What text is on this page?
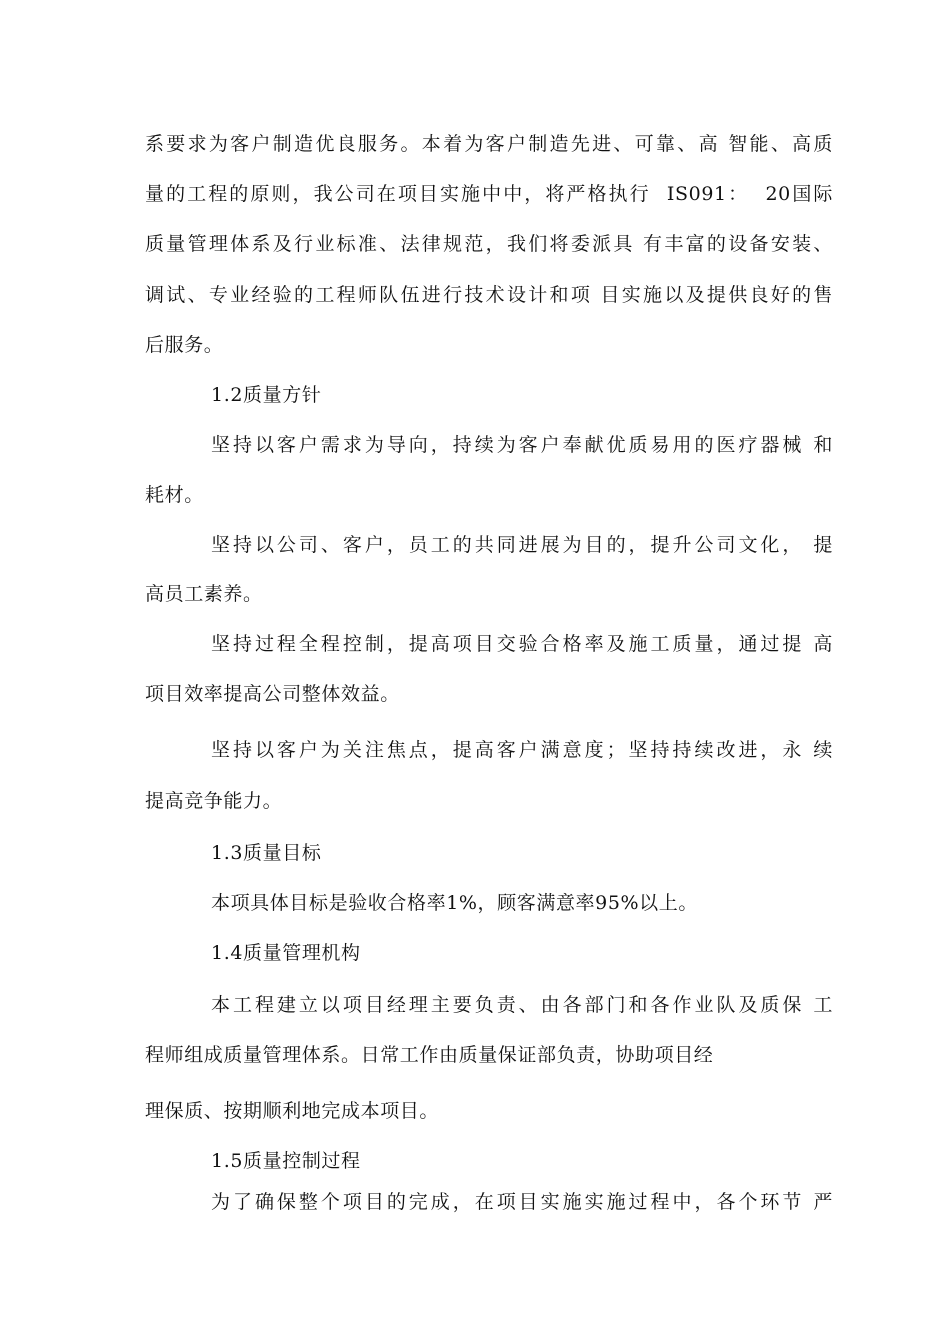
系要求为客户制造优良服务。本着为客户制造先进、可靠、高 智能、高质
量的工程的原则，我公司在项目实施中中，将严格执行  IS091：  20国际
质量管理体系及行业标准、法律规范，我们将委派具 有丰富的设备安装、
调试、专业经验的工程师队伍进行技术设计和项 目实施以及提供良好的售
后服务。
1.2质量方针
坚持以客户需求为导向，持续为客户奉献优质易用的医疗器械 和
耗材。
坚持以公司、客户，员工的共同进展为目的，提升公司文化， 提
高员工素养。
坚持过程全程控制，提高项目交验合格率及施工质量，通过提 高
项目效率提高公司整体效益。
坚持以客户为关注焦点，提高客户满意度；坚持持续改进，永 续
提高竞争能力。
1.3质量目标
本项具体目标是验收合格率1%，顾客满意率95%以上。
1.4质量管理机构
本工程建立以项目经理主要负责、由各部门和各作业队及质保 工
程师组成质量管理体系。日常工作由质量保证部负责，协助项目经
理保质、按期顺利地完成本项目。
1.5质量控制过程
为了确保整个项目的完成，在项目实施实施过程中，各个环节 严
